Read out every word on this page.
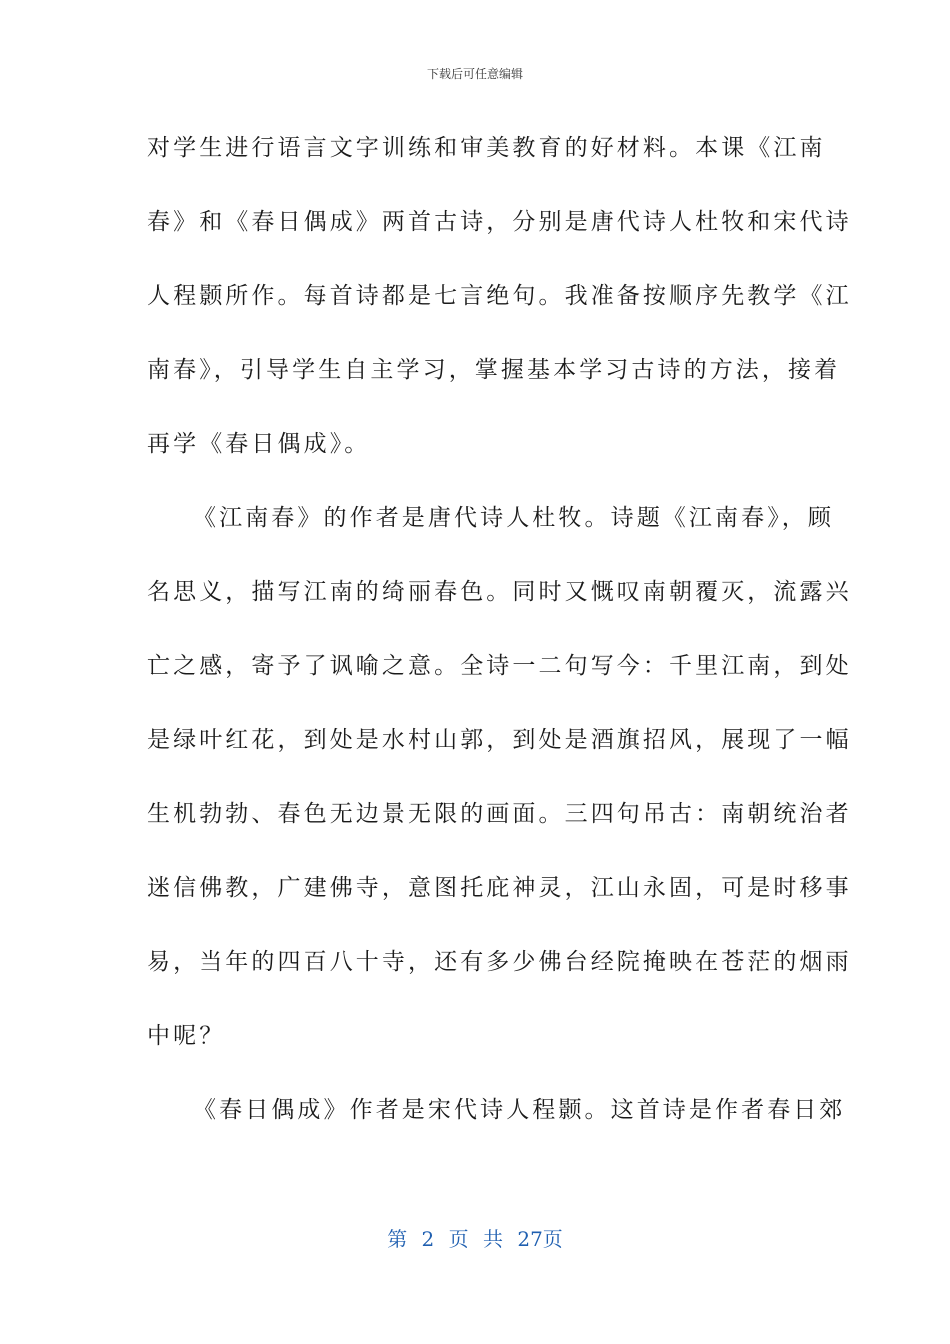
下载后可任意编辑
对学生进行语言文字训练和审美教育的好材料。本课《江南
春》和《春日偶成》两首古诗，分别是唐代诗人杜牧和宋代诗
人程颢所作。每首诗都是七言绝句。我准备按顺序先教学《江
南春》，引导学生自主学习，掌握基本学习古诗的方法，接着
再学《春日偶成》。
《江南春》的作者是唐代诗人杜牧。诗题《江南春》，顾
名思义，描写江南的绮丽春色。同时又慨叹南朝覆灭，流露兴
亡之感，寄予了讽喻之意。全诗一二句写今：千里江南，到处
是绿叶红花，到处是水村山郭，到处是酒旗招风，展现了一幅
生机勃勃、春色无边景无限的画面。三四句吊古：南朝统治者
迷信佛教，广建佛寺，意图托庇神灵，江山永固，可是时移事
易，当年的四百八十寺，还有多少佛台经院掩映在苍茫的烟雨
中呢？
《春日偶成》作者是宋代诗人程颢。这首诗是作者春日郊
第 2 页 共 27页
